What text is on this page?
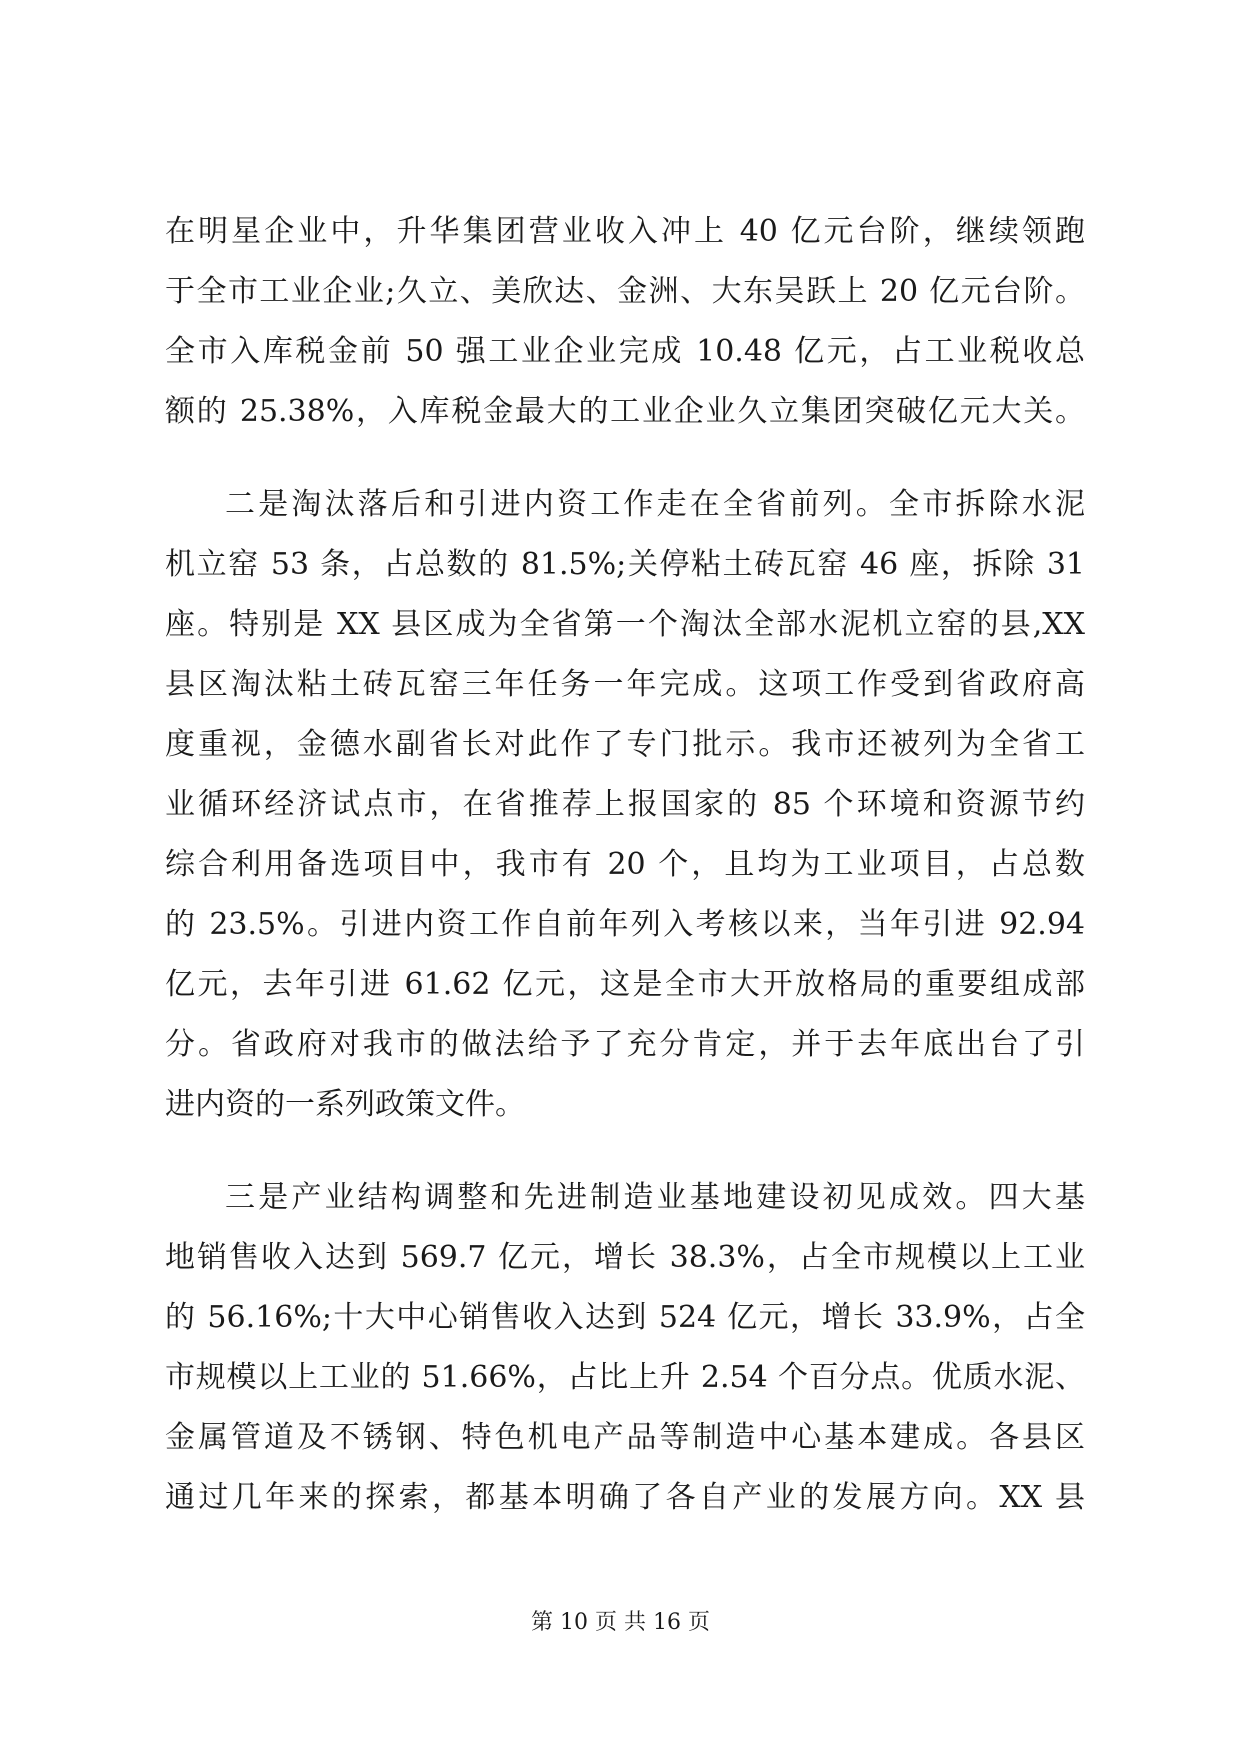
在明星企业中，升华集团营业收入冲上 40 亿元台阶，继续领跑
于全市工业企业;久立、美欣达、金洲、大东吴跃上 20 亿元台阶。
全市入库税金前 50 强工业企业完成 10.48 亿元，占工业税收总
额的 25.38%，入库税金最大的工业企业久立集团突破亿元大关。
二是淘汰落后和引进内资工作走在全省前列。全市拆除水泥
机立窑 53 条，占总数的 81.5%;关停粘土砖瓦窑 46 座，拆除 31
座。特别是 XX 县区成为全省第一个淘汰全部水泥机立窑的县,XX
县区淘汰粘土砖瓦窑三年任务一年完成。这项工作受到省政府高
度重视，金德水副省长对此作了专门批示。我市还被列为全省工
业循环经济试点市，在省推荐上报国家的 85 个环境和资源节约
综合利用备选项目中，我市有 20 个，且均为工业项目，占总数
的 23.5%。引进内资工作自前年列入考核以来，当年引进 92.94
亿元，去年引进 61.62 亿元，这是全市大开放格局的重要组成部
分。省政府对我市的做法给予了充分肯定，并于去年底出台了引
进内资的一系列政策文件。
三是产业结构调整和先进制造业基地建设初见成效。四大基
地销售收入达到 569.7 亿元，增长 38.3%，占全市规模以上工业
的 56.16%;十大中心销售收入达到 524 亿元，增长 33.9%，占全
市规模以上工业的 51.66%，占比上升 2.54 个百分点。优质水泥、
金属管道及不锈钢、特色机电产品等制造中心基本建成。各县区
通过几年来的探索，都基本明确了各自产业的发展方向。XX 县
第 10 页 共 16 页
